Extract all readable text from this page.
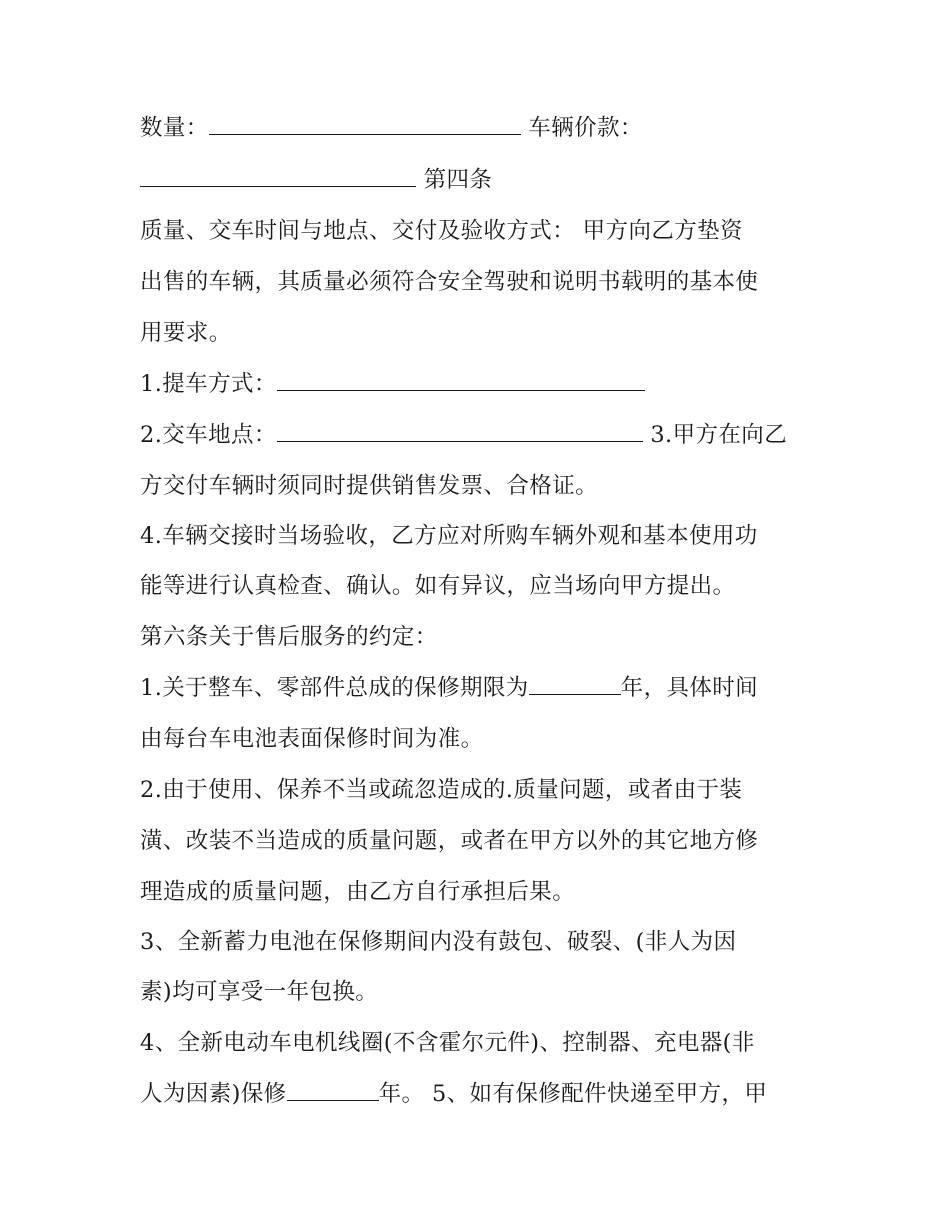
数量：	车辆价款：
第四条
质量、交车时间与地点、交付及验收方式： 甲方向乙方垫资
出售的车辆，其质量必须符合安全驾驶和说明书载明的基本使
用要求。
1.提车方式：
2.交车地点：	3.甲方在向乙
方交付车辆时须同时提供销售发票、合格证。
4.车辆交接时当场验收，乙方应对所购车辆外观和基本使用功
能等进行认真检查、确认。如有异议，应当场向甲方提出。
第六条关于售后服务的约定：
1.关于整车、零部件总成的保修期限为	年，具体时间
由每台车电池表面保修时间为准。
2.由于使用、保养不当或疏忽造成的.质量问题，或者由于装
潢、改装不当造成的质量问题，或者在甲方以外的其它地方修
理造成的质量问题，由乙方自行承担后果。
3、全新蓄力电池在保修期间内没有鼓包、破裂、(非人为因
素)均可享受一年包换。
4、全新电动车电机线圈(不含霍尔元件)、控制器、充电器(非
人为因素)保修	年。 5、如有保修配件快递至甲方，甲
